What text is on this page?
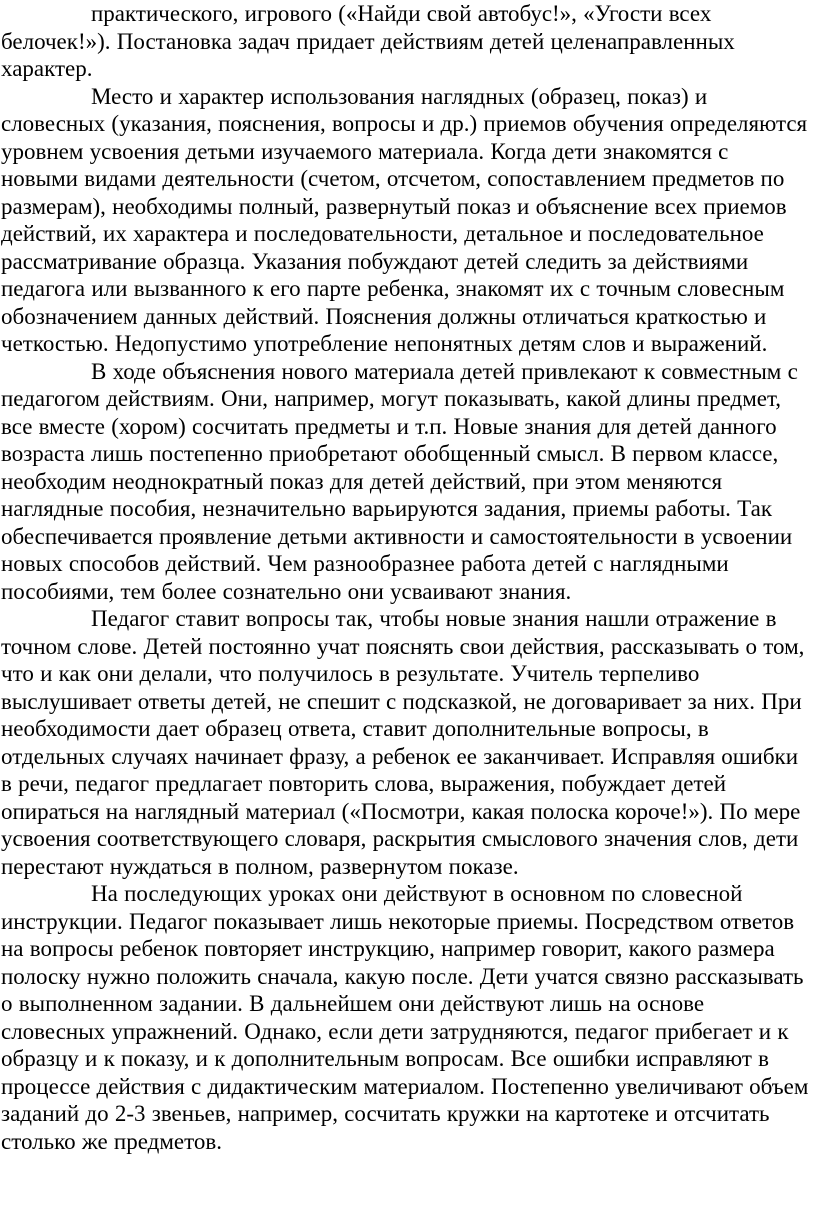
практического, игрового («Найди свой автобус!», «Угости всех белочек!»). Постановка задач придает действиям детей целенаправленных характер.

Место и характер использования наглядных (образец, показ) и словесных (указания, пояснения, вопросы и др.) приемов обучения определяются уровнем усвоения детьми изучаемого материала. Когда дети знакомятся с новыми видами деятельности (счетом, отсчетом, сопоставлением предметов по размерам), необходимы полный, развернутый показ и объяснение всех приемов действий, их характера и последовательности, детальное и последовательное рассматривание образца. Указания побуждают детей следить за действиями педагога или вызванного к его парте ребенка, знакомят их с точным словесным обозначением данных действий. Пояснения должны отличаться краткостью и четкостью. Недопустимо употребление непонятных детям слов и выражений.

В ходе объяснения нового материала детей привлекают к совместным с педагогом действиям. Они, например, могут показывать, какой длины предмет, все вместе (хором) сосчитать предметы и т.п. Новые знания для детей данного возраста лишь постепенно приобретают обобщенный смысл. В первом классе, необходим неоднократный показ для детей действий, при этом меняются наглядные пособия, незначительно варьируются задания, приемы работы. Так обеспечивается проявление детьми активности и самостоятельности в усвоении новых способов действий. Чем разнообразнее работа детей с наглядными пособиями, тем более сознательно они усваивают знания.

Педагог ставит вопросы так, чтобы новые знания нашли отражение в точном слове. Детей постоянно учат пояснять свои действия, рассказывать о том, что и как они делали, что получилось в результате. Учитель терпеливо выслушивает ответы детей, не спешит с подсказкой, не договаривает за них. При необходимости дает образец ответа, ставит дополнительные вопросы, в отдельных случаях начинает фразу, а ребенок ее заканчивает. Исправляя ошибки в речи, педагог предлагает повторить слова, выражения, побуждает детей опираться на наглядный материал («Посмотри, какая полоска короче!»). По мере усвоения соответствующего словаря, раскрытия смыслового значения слов, дети перестают нуждаться в полном, развернутом показе.

На последующих уроках они действуют в основном по словесной инструкции. Педагог показывает лишь некоторые приемы. Посредством ответов на вопросы ребенок повторяет инструкцию, например говорит, какого размера полоску нужно положить сначала, какую после. Дети учатся связно рассказывать о выполненном задании. В дальнейшем они действуют лишь на основе словесных упражнений. Однако, если дети затрудняются, педагог прибегает и к образцу и к показу, и к дополнительным вопросам. Все ошибки исправляют в процессе действия с дидактическим материалом. Постепенно увеличивают объем заданий до 2-3 звеньев, например, сосчитать кружки на картотеке и отсчитать столько же предметов.
